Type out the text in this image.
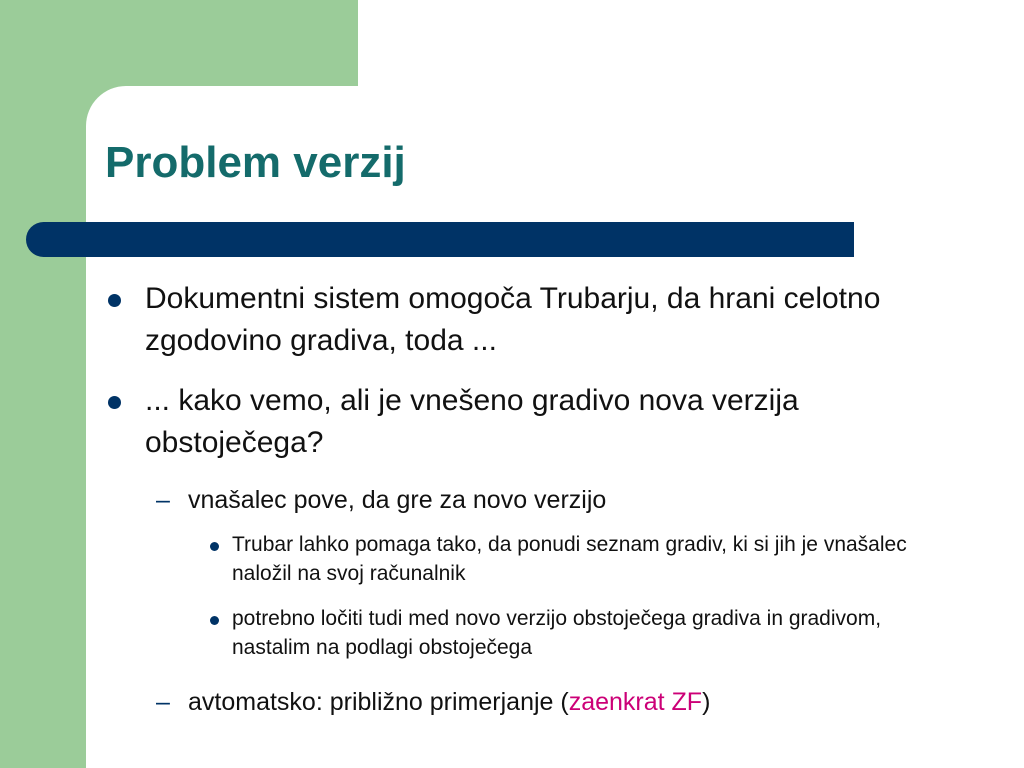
Problem verzij
Dokumentni sistem omogoča Trubarju, da hrani celotno zgodovino gradiva, toda ...
... kako vemo, ali je vnešeno gradivo nova verzija obstoječega?
– vnašalec pove, da gre za novo verzijo
Trubar lahko pomaga tako, da ponudi seznam gradiv, ki si jih je vnašalec naložil na svoj računalnik
potrebno ločiti tudi med novo verzijo obstoječega gradiva in gradivom, nastalim na podlagi obstoječega
– avtomatsko: približno primerjanje (zaenkrat ZF)
